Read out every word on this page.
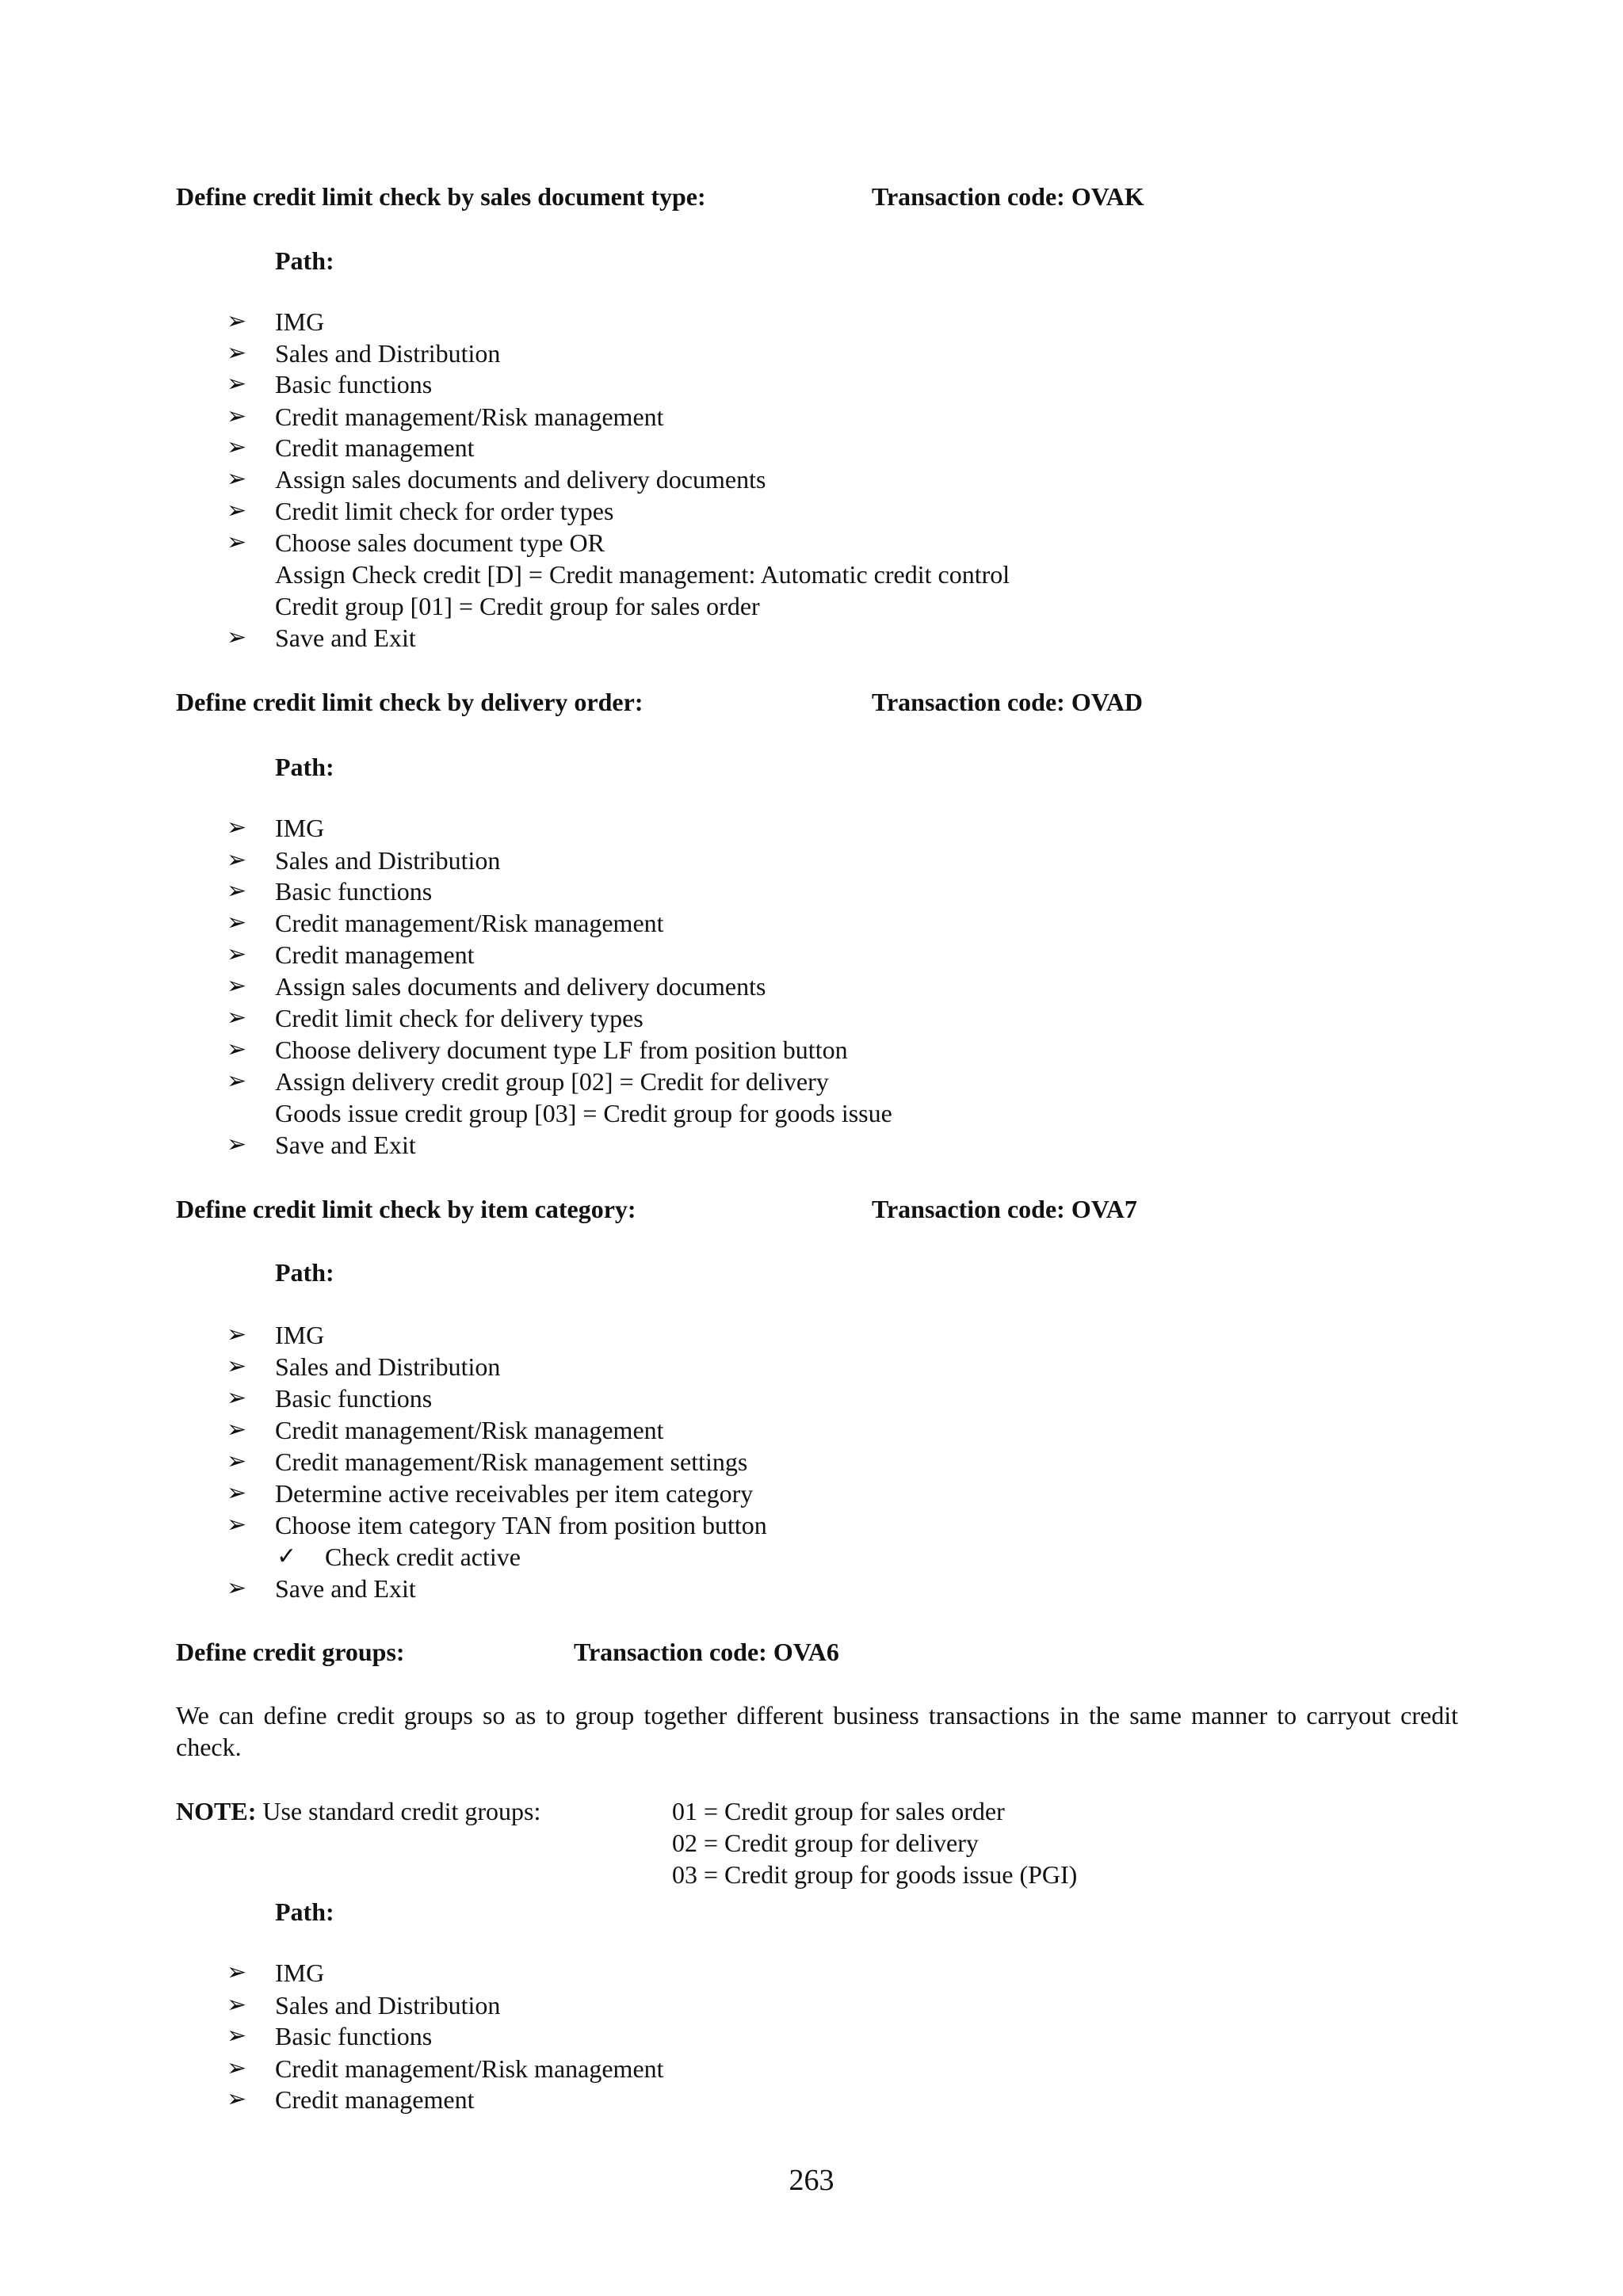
Define credit limit check by sales document type:	Transaction code: OVAK
Path:
➢ IMG
➢ Sales and Distribution
➢ Basic functions
➢ Credit management/Risk management
➢ Credit management
➢ Assign sales documents and delivery documents
➢ Credit limit check for order types
➢ Choose sales document type OR
Assign Check credit [D] = Credit management: Automatic credit control
Credit group [01] = Credit group for sales order
➢ Save and Exit
Define credit limit check by delivery order:	Transaction code: OVAD
Path:
➢ IMG
➢ Sales and Distribution
➢ Basic functions
➢ Credit management/Risk management
➢ Credit management
➢ Assign sales documents and delivery documents
➢ Credit limit check for delivery types
➢ Choose delivery document type LF from position button
➢ Assign delivery credit group [02] = Credit for delivery
Goods issue credit group [03] = Credit group for goods issue
➢ Save and Exit
Define credit limit check by item category:	Transaction code: OVA7
Path:
➢ IMG
➢ Sales and Distribution
➢ Basic functions
➢ Credit management/Risk management
➢ Credit management/Risk management settings
➢ Determine active receivables per item category
➢ Choose item category TAN from position button
✓ Check credit active
➢ Save and Exit
Define credit groups:	Transaction code: OVA6
We can define credit groups so as to group together different business transactions in the same manner to carryout credit check.
NOTE: Use standard credit groups:	01 = Credit group for sales order
02 = Credit group for delivery
03 = Credit group for goods issue (PGI)
Path:
➢ IMG
➢ Sales and Distribution
➢ Basic functions
➢ Credit management/Risk management
➢ Credit management
263
